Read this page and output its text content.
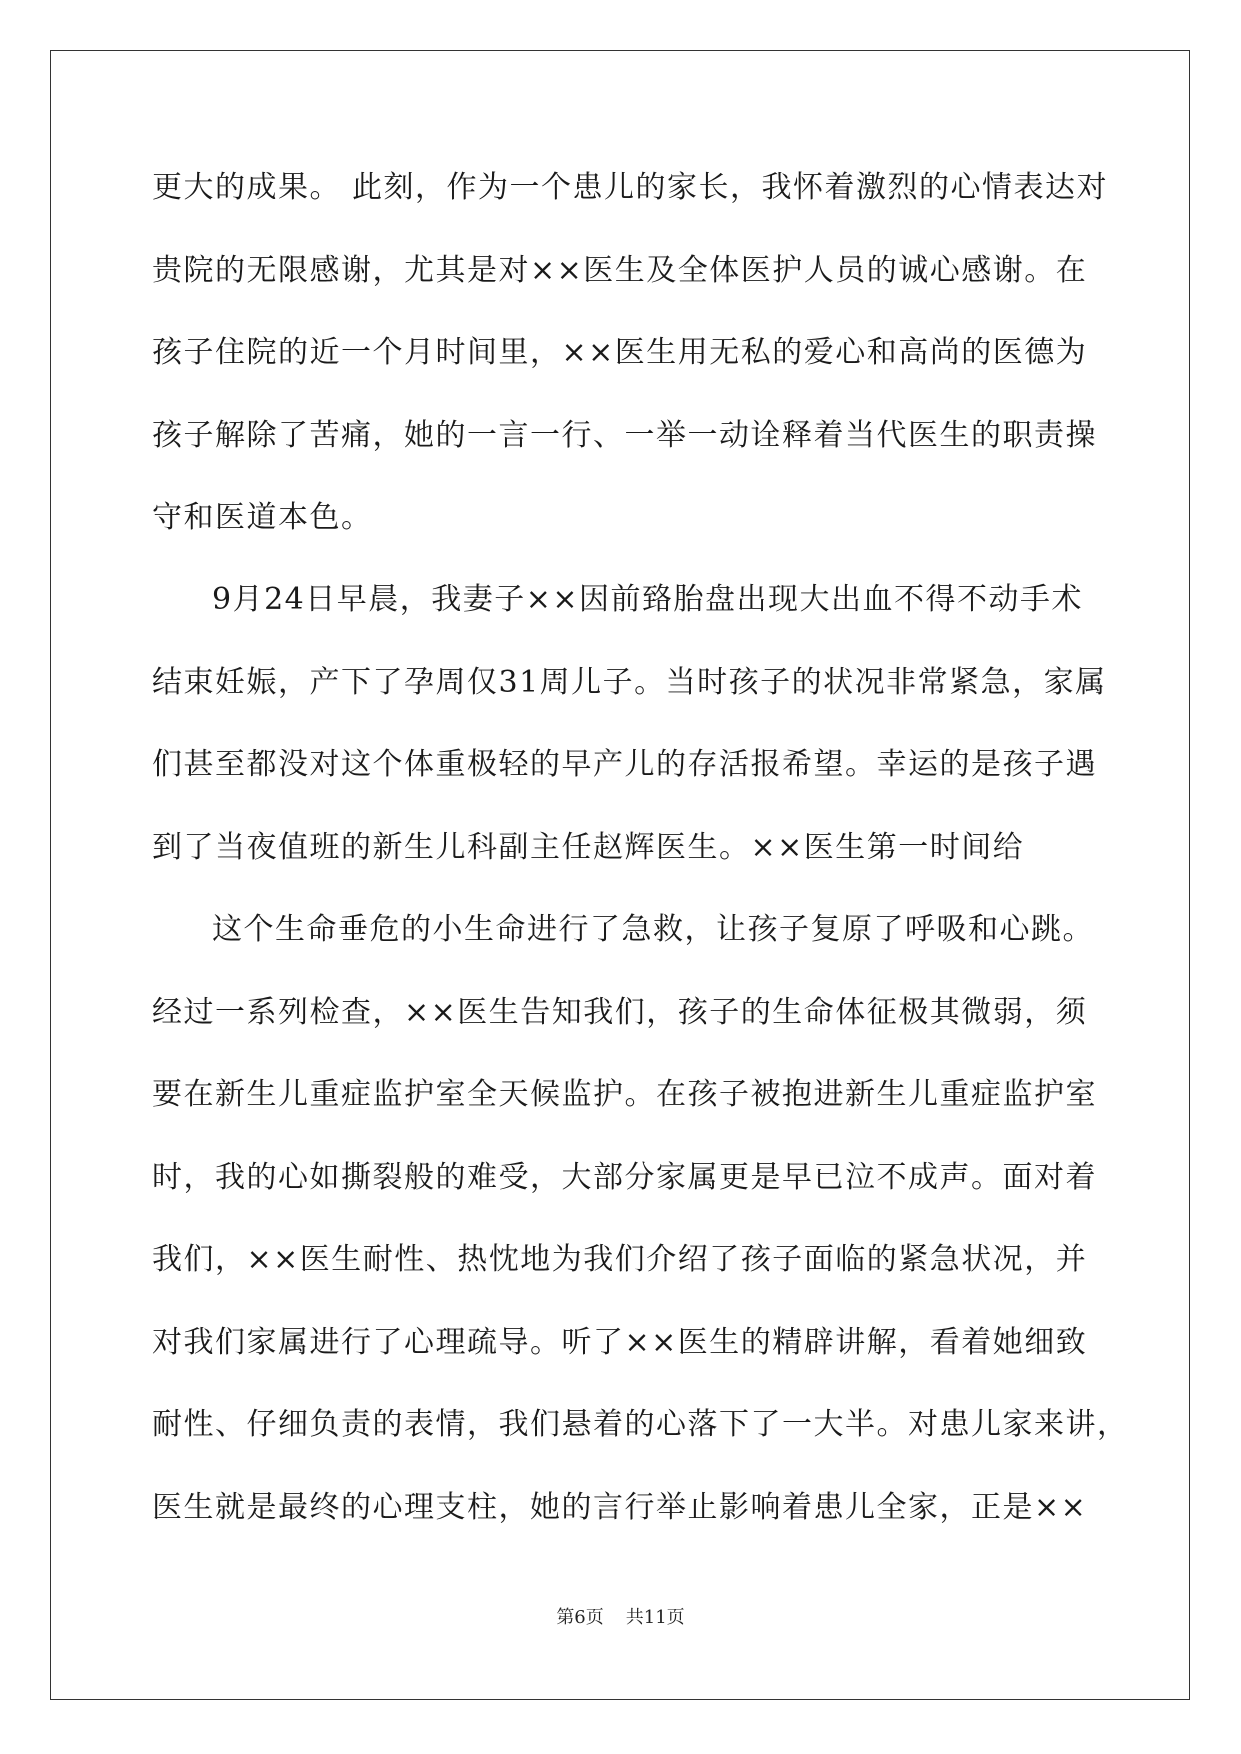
更大的成果。 此刻，作为一个患儿的家长，我怀着激烈的心情表达对
贵院的无限感谢，尤其是对××医生及全体医护人员的诚心感谢。在
孩子住院的近一个月时间里，××医生用无私的爱心和高尚的医德为
孩子解除了苦痛，她的一言一行、一举一动诠释着当代医生的职责操
守和医道本色。
9月24日早晨，我妻子××因前臵胎盘出现大出血不得不动手术
结束妊娠，产下了孕周仅31周儿子。当时孩子的状况非常紧急，家属
们甚至都没对这个体重极轻的早产儿的存活报希望。幸运的是孩子遇
到了当夜值班的新生儿科副主任赵辉医生。××医生第一时间给
这个生命垂危的小生命进行了急救，让孩子复原了呼吸和心跳。
经过一系列检查，××医生告知我们，孩子的生命体征极其微弱，须
要在新生儿重症监护室全天候监护。在孩子被抱进新生儿重症监护室
时，我的心如撕裂般的难受，大部分家属更是早已泣不成声。面对着
我们，××医生耐性、热忱地为我们介绍了孩子面临的紧急状况，并
对我们家属进行了心理疏导。听了××医生的精辟讲解，看着她细致
耐性、仔细负责的表情，我们悬着的心落下了一大半。对患儿家来讲，
医生就是最终的心理支柱，她的言行举止影响着患儿全家，正是××
第6页 共11页
